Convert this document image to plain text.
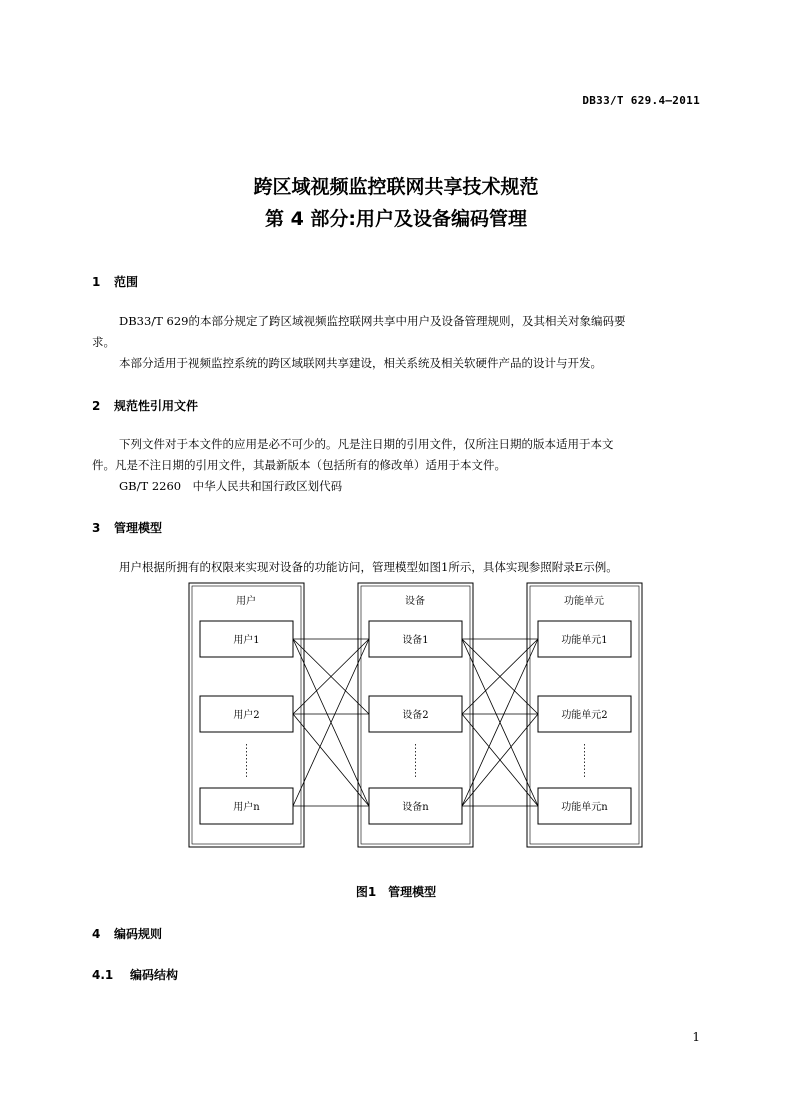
DB33/T 629.4—2011
跨区域视频监控联网共享技术规范
第 4 部分:用户及设备编码管理
1 范围
DB33/T 629的本部分规定了跨区域视频监控联网共享中用户及设备管理规则，及其相关对象编码要
求。
本部分适用于视频监控系统的跨区域联网共享建设，相关系统及相关软硬件产品的设计与开发。
2 规范性引用文件
下列文件对于本文件的应用是必不可少的。凡是注日期的引用文件，仅所注日期的版本适用于本文
件。凡是不注日期的引用文件，其最新版本（包括所有的修改单）适用于本文件。
GB/T 2260　中华人民共和国行政区划代码
3 管理模型
用户根据所拥有的权限来实现对设备的功能访问，管理模型如图1所示，具体实现参照附录E示例。
用户	设备	功能单元
用户1
用户2
用户n
设备1
设备2
设备n
功能单元1
功能单元2
功能单元n
图1　管理模型
4 编码规则
4.1 编码结构
1
